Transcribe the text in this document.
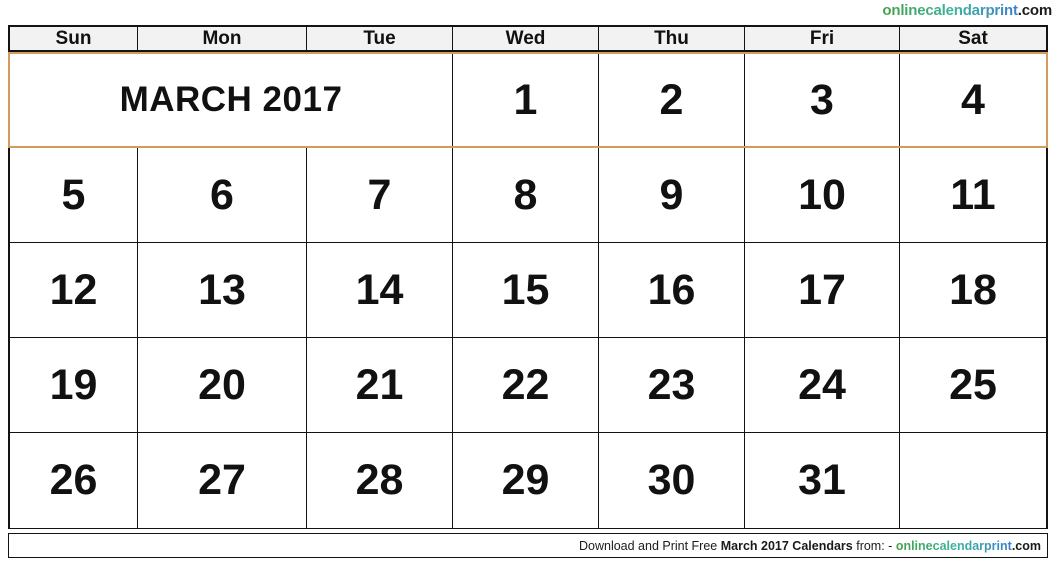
onlinecalendarprint.com
Sun	Mon	Tue	Wed	Thu	Fri	Sat
MARCH 2017	1	2	3	4
5	6	7	8	9	10	11
12	13	14	15	16	17	18
19	20	21	22	23	24	25
26	27	28	29	30	31
Download and Print Free March 2017 Calendars from: - onlinecalendarprint .com
